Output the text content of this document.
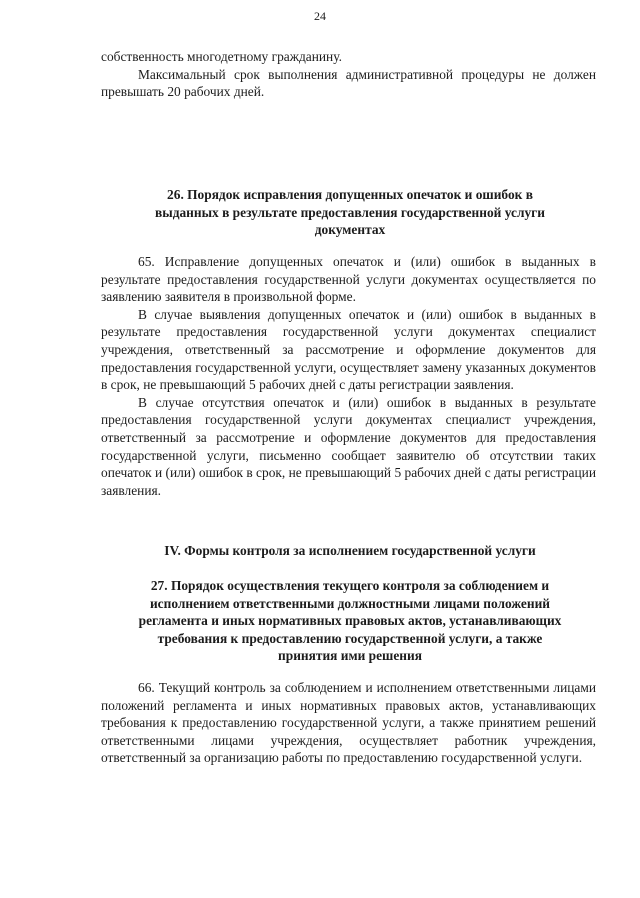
24

собственность многодетному гражданину.

Максимальный срок выполнения административной процедуры не должен превышать 20 рабочих дней.

26. Порядок исправления допущенных опечаток и ошибок в
выданных в результате предоставления государственной услуги
документах

65. Исправление допущенных опечаток и (или) ошибок в выданных в результате предоставления государственной услуги документах осуществляется по заявлению заявителя в произвольной форме.

В случае выявления допущенных опечаток и (или) ошибок в выданных в результате предоставления государственной услуги документах специалист учреждения, ответственный за рассмотрение и оформление документов для предоставления государственной услуги, осуществляет замену указанных документов в срок, не превышающий 5 рабочих дней с даты регистрации заявления.

В случае отсутствия опечаток и (или) ошибок в выданных в результате предоставления государственной услуги документах специалист учреждения, ответственный за рассмотрение и оформление документов для предоставления государственной услуги, письменно сообщает заявителю об отсутствии таких опечаток и (или) ошибок в срок, не превышающий 5 рабочих дней с даты регистрации заявления.

IV. Формы контроля за исполнением государственной услуги
27. Порядок осуществления текущего контроля за соблюдением и
исполнением ответственными должностными лицами положений
регламента и иных нормативных правовых актов, устанавливающих
требования к предоставлению государственной услуги, а также
принятия ими решения

66. Текущий контроль за соблюдением и исполнением ответственными лицами положений регламента и иных нормативных правовых актов, устанавливающих требования к предоставлению государственной услуги, а также принятием решений ответственными лицами учреждения, осуществляет работник учреждения, ответственный за организацию работы по предоставлению государственной услуги.
